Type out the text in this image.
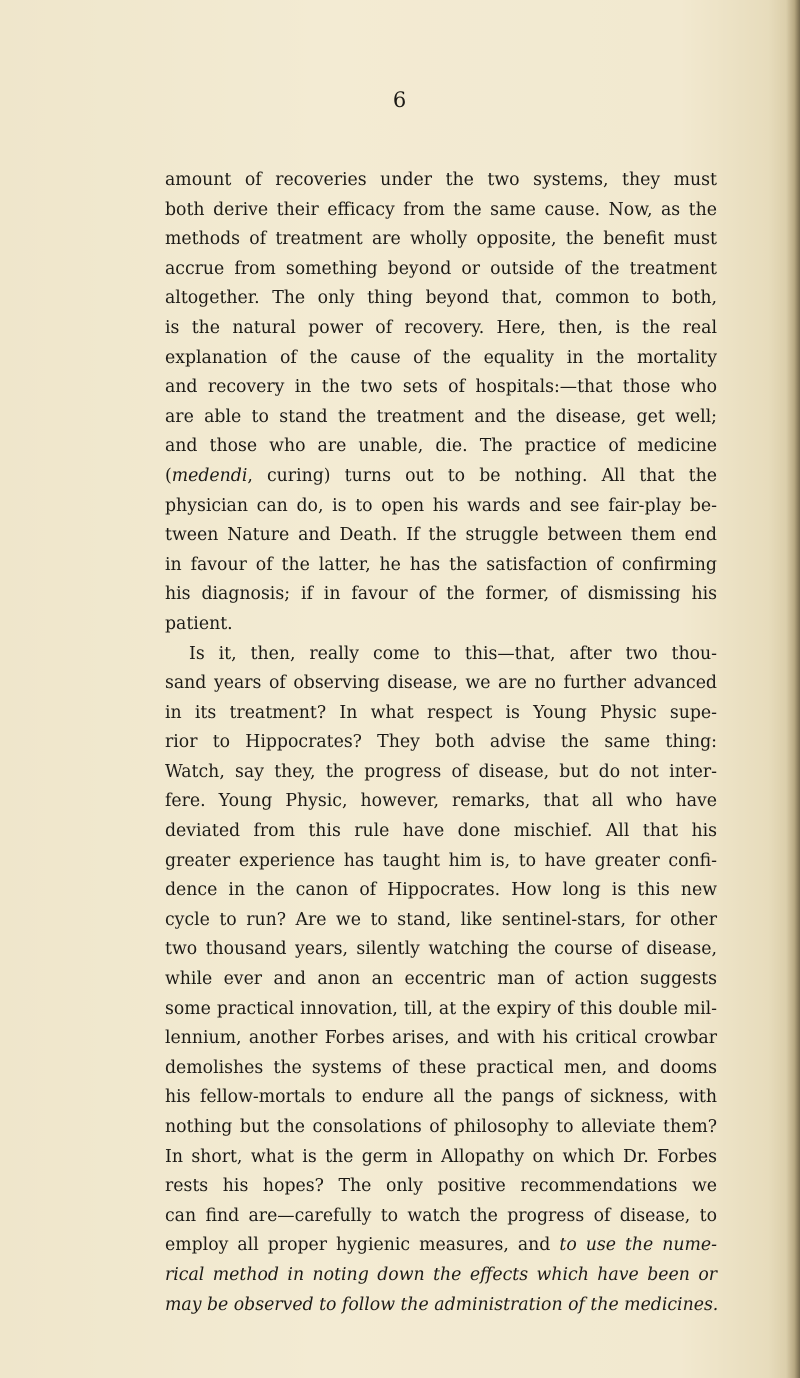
6
amount of recoveries under the two systems, they must
both derive their efficacy from the same cause. Now, as the
methods of treatment are wholly opposite, the benefit must
accrue from something beyond or outside of the treatment
altogether. The only thing beyond that, common to both,
is the natural power of recovery. Here, then, is the real
explanation of the cause of the equality in the mortality
and recovery in the two sets of hospitals:—that those who
are able to stand the treatment and the disease, get well;
and those who are unable, die. The practice of medicine
(medendi, curing) turns out to be nothing. All that the
physician can do, is to open his wards and see fair-play be-
tween Nature and Death. If the struggle between them end
in favour of the latter, he has the satisfaction of confirming
his diagnosis; if in favour of the former, of dismissing his
patient.
Is it, then, really come to this—that, after two thou-
sand years of observing disease, we are no further advanced
in its treatment? In what respect is Young Physic supe-
rior to Hippocrates? They both advise the same thing:
Watch, say they, the progress of disease, but do not inter-
fere. Young Physic, however, remarks, that all who have
deviated from this rule have done mischief. All that his
greater experience has taught him is, to have greater confi-
dence in the canon of Hippocrates. How long is this new
cycle to run? Are we to stand, like sentinel-stars, for other
two thousand years, silently watching the course of disease,
while ever and anon an eccentric man of action suggests
some practical innovation, till, at the expiry of this double mil-
lennium, another Forbes arises, and with his critical crowbar
demolishes the systems of these practical men, and dooms
his fellow-mortals to endure all the pangs of sickness, with
nothing but the consolations of philosophy to alleviate them?
In short, what is the germ in Allopathy on which Dr. Forbes
rests his hopes? The only positive recommendations we
can find are—carefully to watch the progress of disease, to
employ all proper hygienic measures, and to use the nume-
rical method in noting down the effects which have been or
may be observed to follow the administration of the medicines.
